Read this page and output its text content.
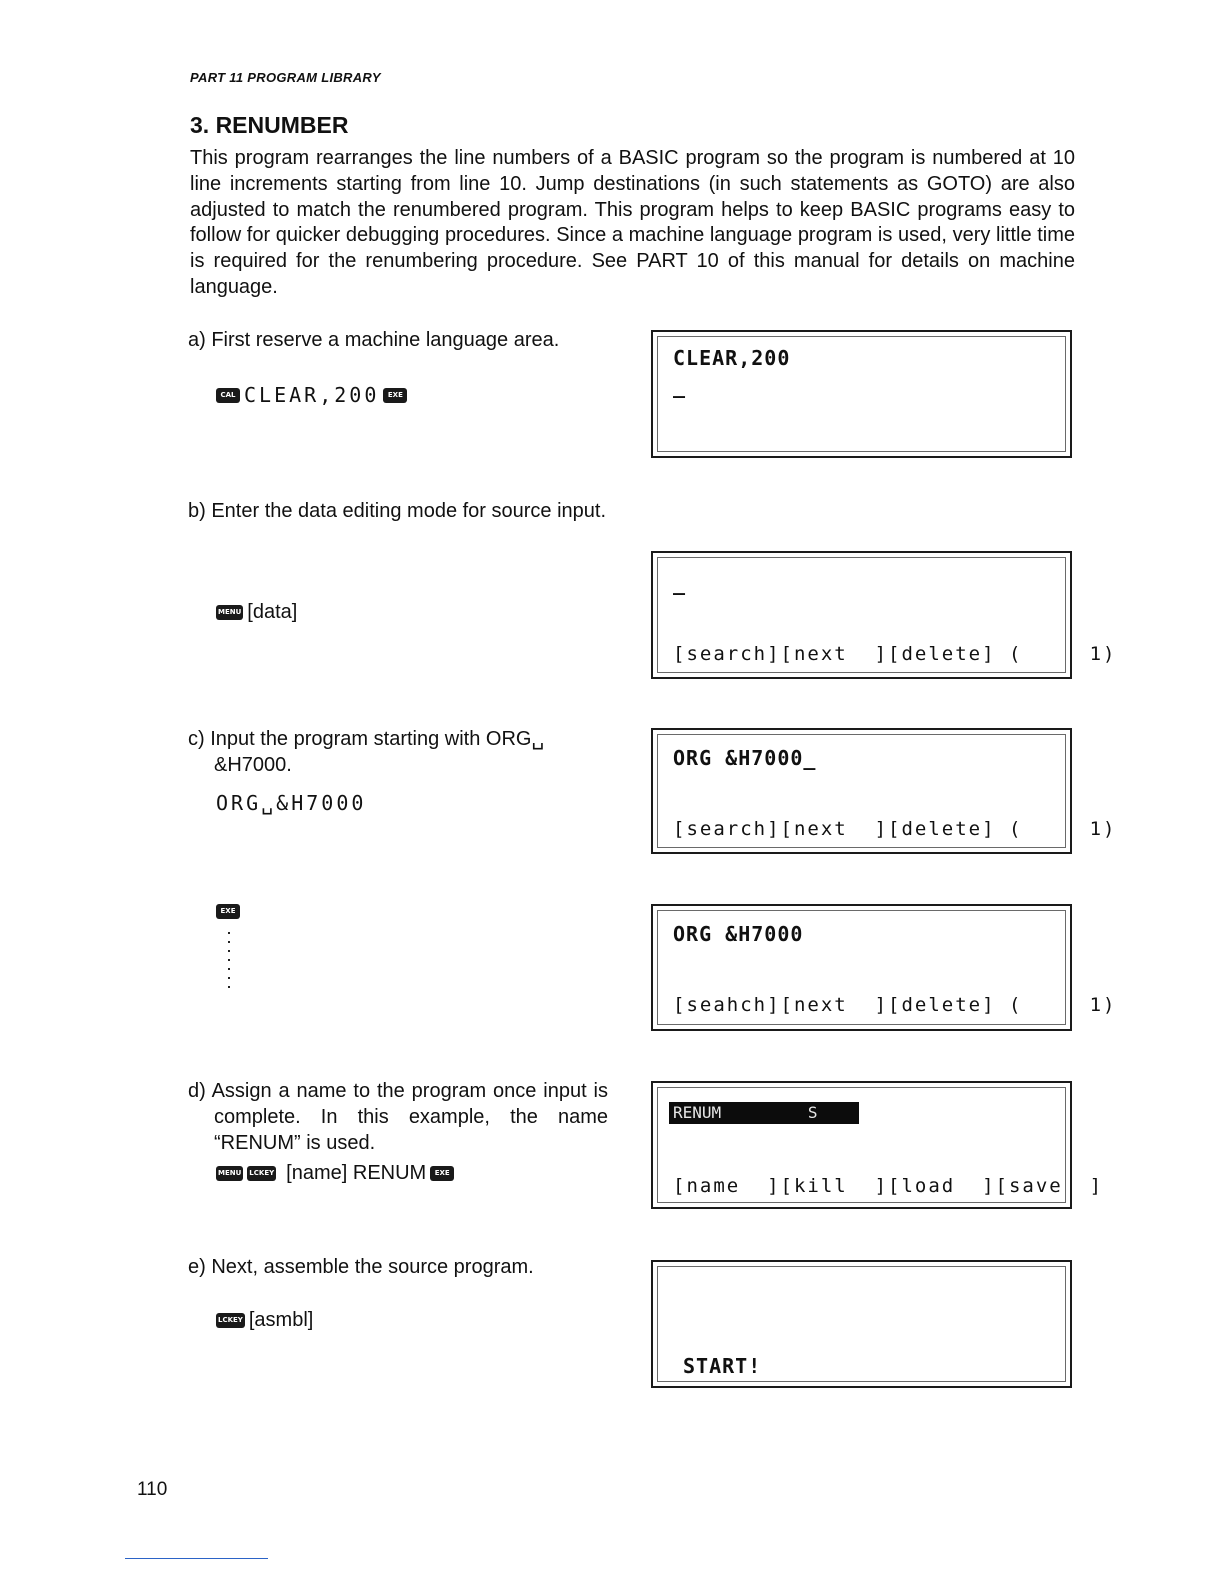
PART 11 PROGRAM LIBRARY
3. RENUMBER

This program rearranges the line numbers of a BASIC program so the program is numbered at 10 line increments starting from line 10. Jump destinations (in such statements as GOTO) are also adjusted to match the renumbered program. This program helps to keep BASIC programs easy to follow for quicker debugging procedures. Since a machine language program is used, very little time is required for the renumbering procedure. See PART 10 of this manual for details on machine language.

a) First reserve a machine language area.
CAL CLEAR,200	EXE
CLEAR,200
_
b) Enter the data editing mode for source input.
MENU [data]
_
[search][next  ][delete] (     1)
c) Input the program starting with ORG␣ &H7000.
ORG␣&H7000
ORG &H7000_
[search][next  ][delete] (     1)
EXE
ORG &H7000
[seahch][next  ][delete] (     1)
d) Assign a name to the program once input is complete. In this example, the name “RENUM” is used.
MENU LCKEY [name] RENUM	EXE
RENUM         S
[name  ][kill  ][load  ][save  ]
e) Next, assemble the source program.
LCKEY [asmbl]
START!
110
